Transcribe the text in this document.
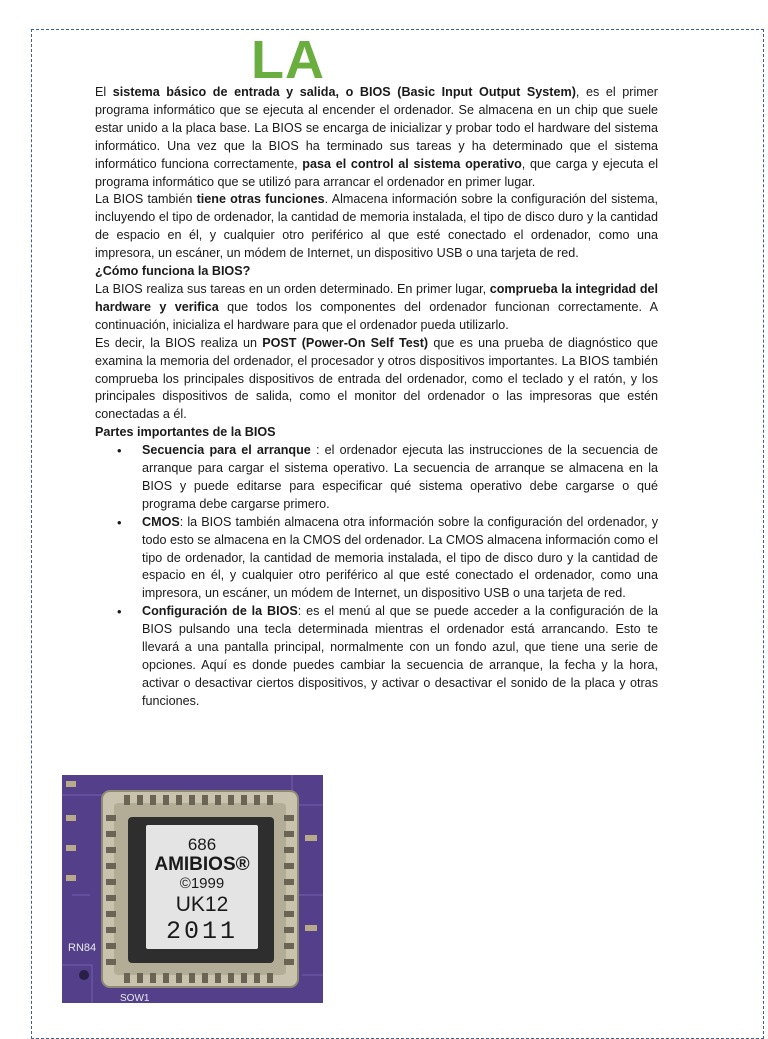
LA

El sistema básico de entrada y salida, o BIOS (Basic Input Output System), es el primer programa informático que se ejecuta al encender el ordenador. Se almacena en un chip que suele estar unido a la placa base. La BIOS se encarga de inicializar y probar todo el hardware del sistema informático. Una vez que la BIOS ha terminado sus tareas y ha determinado que el sistema informático funciona correctamente, pasa el control al sistema operativo, que carga y ejecuta el programa informático que se utilizó para arrancar el ordenador en primer lugar.

La BIOS también tiene otras funciones. Almacena información sobre la configuración del sistema, incluyendo el tipo de ordenador, la cantidad de memoria instalada, el tipo de disco duro y la cantidad de espacio en él, y cualquier otro periférico al que esté conectado el ordenador, como una impresora, un escáner, un módem de Internet, un dispositivo USB o una tarjeta de red.

¿Cómo funciona la BIOS?

La BIOS realiza sus tareas en un orden determinado. En primer lugar, comprueba la integridad del hardware y verifica que todos los componentes del ordenador funcionan correctamente. A continuación, inicializa el hardware para que el ordenador pueda utilizarlo.

Es decir, la BIOS realiza un POST (Power-On Self Test) que es una prueba de diagnóstico que examina la memoria del ordenador, el procesador y otros dispositivos importantes. La BIOS también comprueba los principales dispositivos de entrada del ordenador, como el teclado y el ratón, y los principales dispositivos de salida, como el monitor del ordenador o las impresoras que estén conectadas a él.

Partes importantes de la BIOS

• Secuencia para el arranque : el ordenador ejecuta las instrucciones de la secuencia de arranque para cargar el sistema operativo. La secuencia de arranque se almacena en la BIOS y puede editarse para especificar qué sistema operativo debe cargarse o qué programa debe cargarse primero.
• CMOS: la BIOS también almacena otra información sobre la configuración del ordenador, y todo esto se almacena en la CMOS del ordenador. La CMOS almacena información como el tipo de ordenador, la cantidad de memoria instalada, el tipo de disco duro y la cantidad de espacio en él, y cualquier otro periférico al que esté conectado el ordenador, como una impresora, un escáner, un módem de Internet, un dispositivo USB o una tarjeta de red.
• Configuración de la BIOS: es el menú al que se puede acceder a la configuración de la BIOS pulsando una tecla determinada mientras el ordenador está arrancando. Esto te llevará a una pantalla principal, normalmente con un fondo azul, que tiene una serie de opciones. Aquí es donde puedes cambiar la secuencia de arranque, la fecha y la hora, activar o desactivar ciertos dispositivos, y activar o desactivar el sonido de la placa y otras funciones.
686
AMIBIOS®
©1999
UK12
2011
RN84
SOW1
